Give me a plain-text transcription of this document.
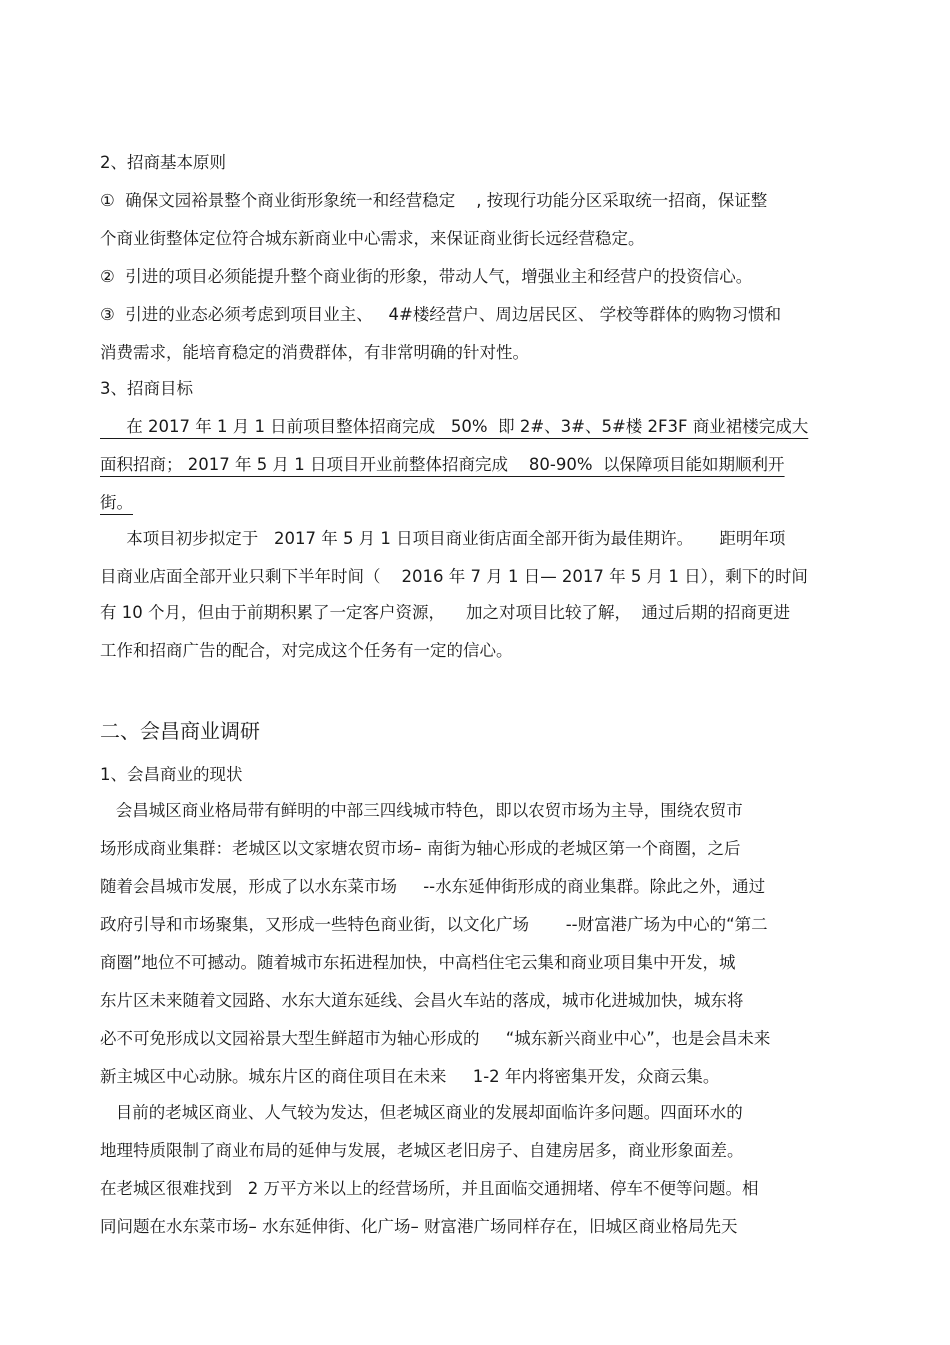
2、招商基本原则

①  确保文园裕景整个商业街形象统一和经营稳定    , 按现行功能分区采取统一招商，保证整

个商业街整体定位符合城东新商业中心需求，来保证商业街长远经营稳定。

②  引进的项目必须能提升整个商业街的形象，带动人气，增强业主和经营户的投资信心。

③  引进的业态必须考虑到项目业主、   4#楼经营户、周边居民区、 学校等群体的购物习惯和

消费需求，能培育稳定的消费群体，有非常明确的针对性。

3、招商目标

在 2017 年 1 月 1 日前项目整体招商完成   50%  即 2#、3#、5#楼 2F3F 商业裙楼完成大

面积招商； 2017 年 5 月 1 日项目开业前整体招商完成    80-90%  以保障项目能如期顺利开

街。

本项目初步拟定于   2017 年 5 月 1 日项目商业街店面全部开街为最佳期许。     距明年项

目商业店面全部开业只剩下半年时间（    2016 年 7 月 1 日— 2017 年 5 月 1 日），剩下的时间

有 10 个月，但由于前期积累了一定客户资源，    加之对项目比较了解，  通过后期的招商更进

工作和招商广告的配合，对完成这个任务有一定的信心。

二、会昌商业调研

1、会昌商业的现状

会昌城区商业格局带有鲜明的中部三四线城市特色，即以农贸市场为主导，围绕农贸市

场形成商业集群：老城区以文家塘农贸市场– 南街为轴心形成的老城区第一个商圈，之后

随着会昌城市发展，形成了以水东菜市场     --水东延伸街形成的商业集群。除此之外，通过

政府引导和市场聚集，又形成一些特色商业街，以文化广场       --财富港广场为中心的“第二

商圈”地位不可撼动。随着城市东拓进程加快，中高档住宅云集和商业项目集中开发，城

东片区未来随着文园路、水东大道东延线、会昌火车站的落成，城市化进城加快，城东将

必不可免形成以文园裕景大型生鲜超市为轴心形成的     “城东新兴商业中心”，也是会昌未来

新主城区中心动脉。城东片区的商住项目在未来     1-2 年内将密集开发，众商云集。

目前的老城区商业、人气较为发达，但老城区商业的发展却面临许多问题。四面环水的

地理特质限制了商业布局的延伸与发展，老城区老旧房子、自建房居多，商业形象面差。

在老城区很难找到   2 万平方米以上的经营场所，并且面临交通拥堵、停车不便等问题。相

同问题在水东菜市场– 水东延伸街、化广场– 财富港广场同样存在，旧城区商业格局先天
